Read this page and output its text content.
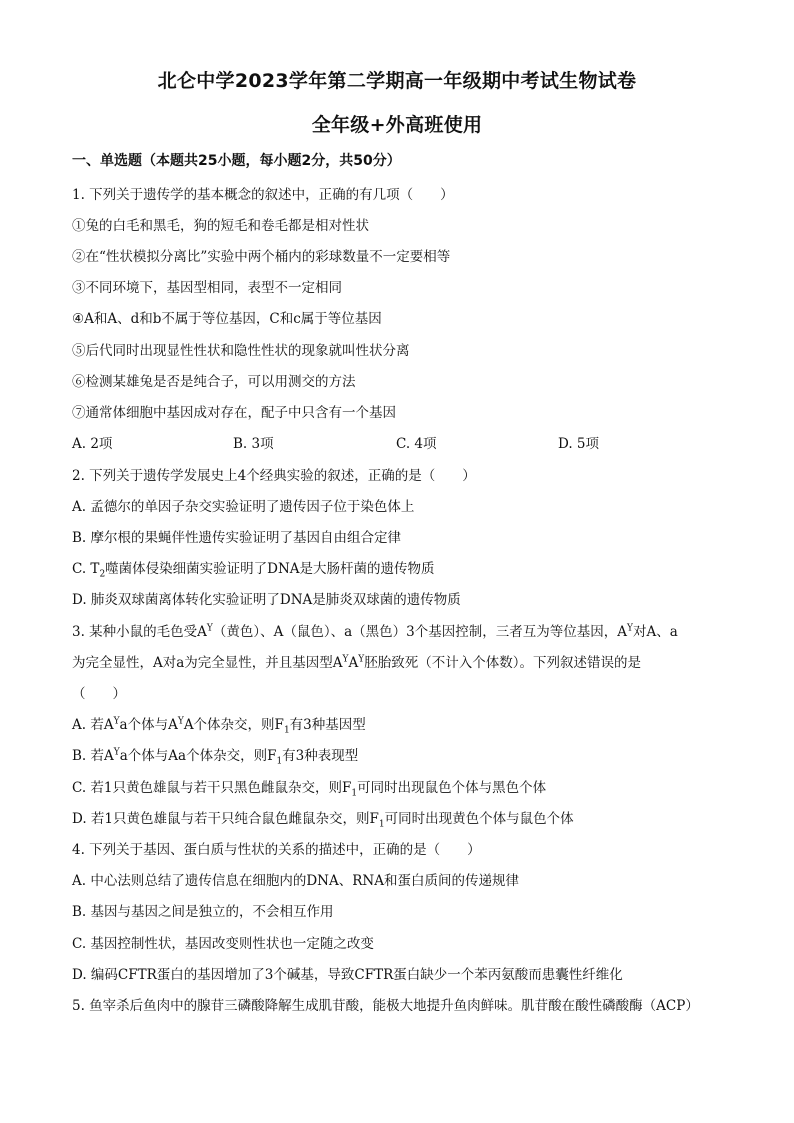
北仑中学2023学年第二学期高一年级期中考试生物试卷
全年级+外高班使用
一、单选题（本题共25小题，每小题2分，共50分）
1. 下列关于遗传学的基本概念的叙述中，正确的有几项（　　）
①兔的白毛和黑毛，狗的短毛和卷毛都是相对性状
②在“性状模拟分离比”实验中两个桶内的彩球数量不一定要相等
③不同环境下，基因型相同，表型不一定相同
④A和A、d和b不属于等位基因，C和c属于等位基因
⑤后代同时出现显性性状和隐性性状的现象就叫性状分离
⑥检测某雄兔是否是纯合子，可以用测交的方法
⑦通常体细胞中基因成对存在，配子中只含有一个基因
A. 2项	B. 3项	C. 4项	D. 5项
2. 下列关于遗传学发展史上4个经典实验的叙述，正确的是（　　）
A. 孟德尔的单因子杂交实验证明了遗传因子位于染色体上
B. 摩尔根的果蝇伴性遗传实验证明了基因自由组合定律
C. $T_2$噬菌体侵染细菌实验证明了DNA是大肠杆菌的遗传物质
D. 肺炎双球菌离体转化实验证明了DNA是肺炎双球菌的遗传物质
3. 某种小鼠的毛色受$A^Y$（黄色）、A（鼠色）、a（黑色）3个基因控制，三者互为等位基因，$A^Y$对A、a
为完全显性，A对a为完全显性，并且基因型$A^YA^Y$胚胎致死（不计入个体数）。下列叙述错误的是
（　　）
A. 若$A^Ya$个体与$A^YA$个体杂交，则$F_1$有3种基因型
B. 若$A^Ya$个体与Aa个体杂交，则$F_1$有3种表现型
C. 若1只黄色雄鼠与若干只黑色雌鼠杂交，则$F_1$可同时出现鼠色个体与黑色个体
D. 若1只黄色雄鼠与若干只纯合鼠色雌鼠杂交，则$F_1$可同时出现黄色个体与鼠色个体
4. 下列关于基因、蛋白质与性状的关系的描述中，正确的是（　　）
A. 中心法则总结了遗传信息在细胞内的DNA、RNA和蛋白质间的传递规律
B. 基因与基因之间是独立的，不会相互作用
C. 基因控制性状，基因改变则性状也一定随之改变
D. 编码CFTR蛋白的基因增加了3个碱基，导致CFTR蛋白缺少一个苯丙氨酸而患囊性纤维化
5. 鱼宰杀后鱼肉中的腺苷三磷酸降解生成肌苷酸，能极大地提升鱼肉鲜味。肌苷酸在酸性磷酸酶（ACP）
